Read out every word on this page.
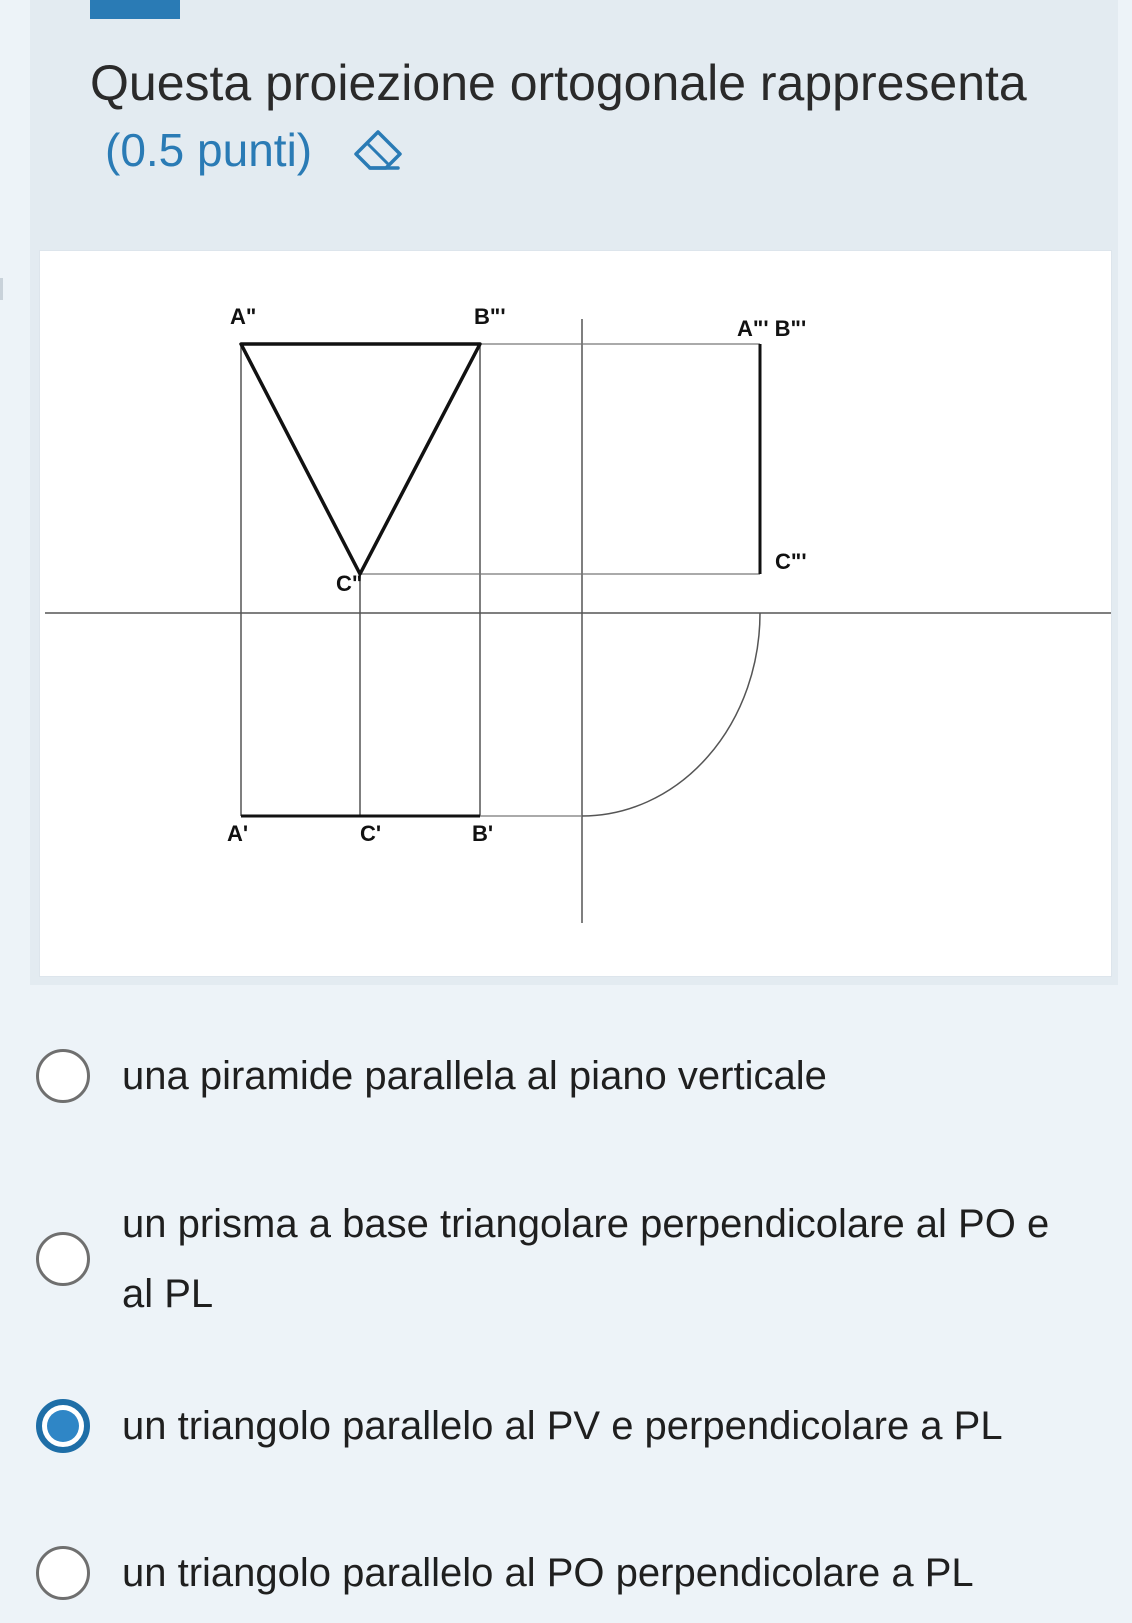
Questa proiezione ortogonale rappresenta
(0.5 punti)
A"	B"'	A"' B"'
C"
C"'
A'	C'	B'
una piramide parallela al piano verticale
un prisma a base triangolare perpendicolare al PO e al PL
un triangolo parallelo al PV e perpendicolare a PL
un triangolo parallelo al PO perpendicolare a PL
